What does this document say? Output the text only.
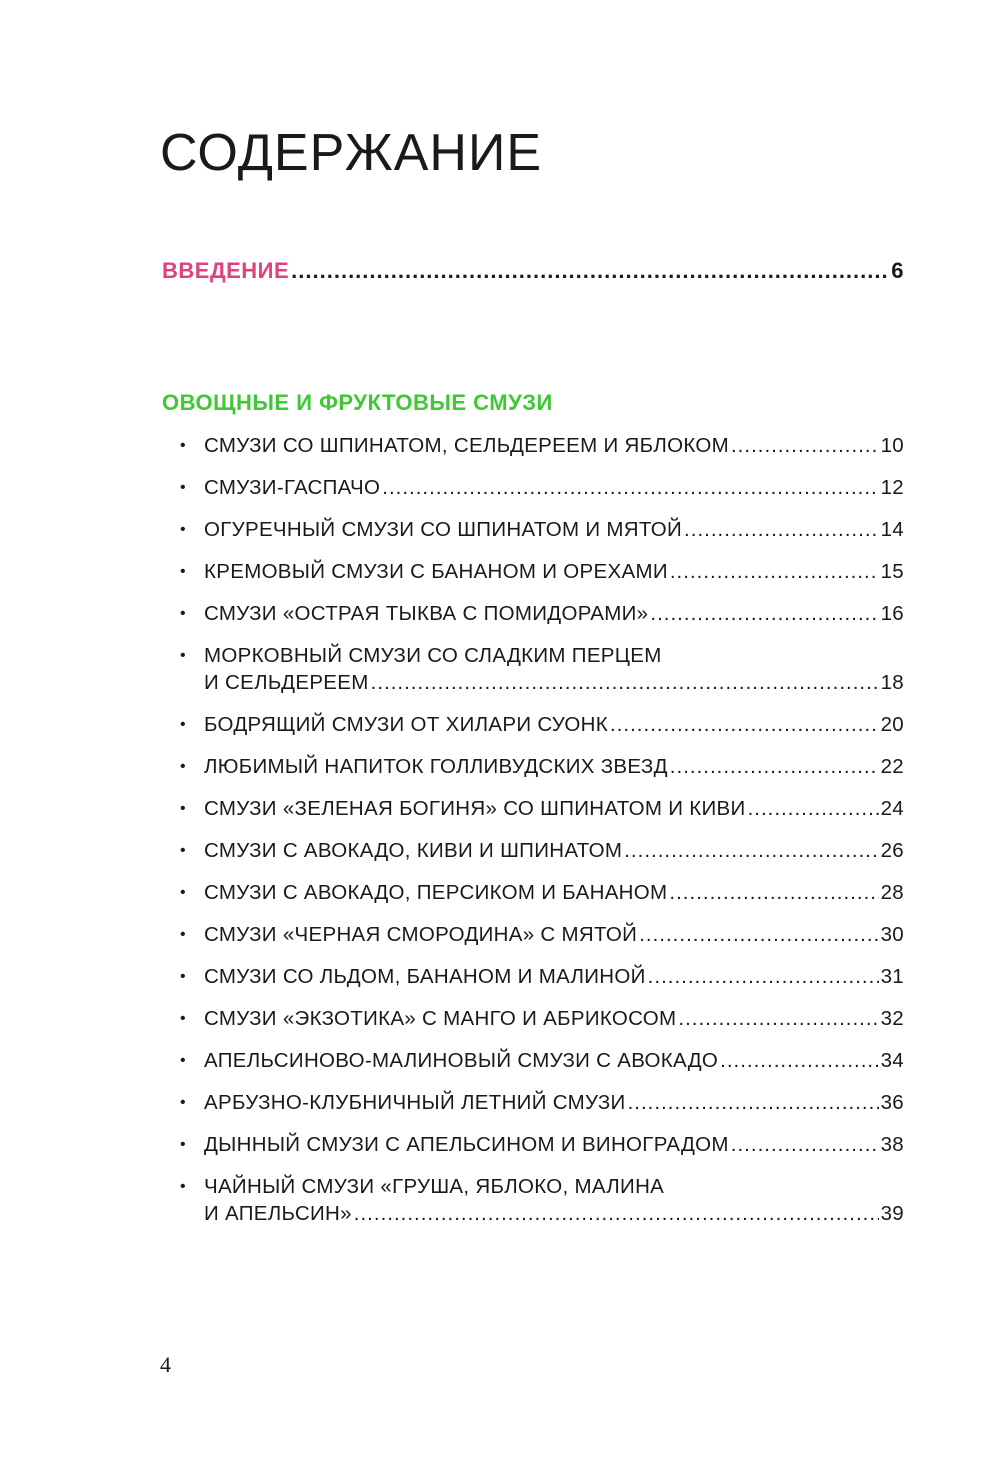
СОДЕРЖАНИЕ
ВВЕДЕНИЕ .....	6
ОВОЩНЫЕ И ФРУКТОВЫЕ СМУЗИ
• СМУЗИ СО ШПИНАТОМ, СЕЛЬДЕРЕЕМ И ЯБЛОКОМ .....	10
• СМУЗИ-ГАСПАЧО .....	12
• ОГУРЕЧНЫЙ СМУЗИ СО ШПИНАТОМ И МЯТОЙ .....	14
• КРЕМОВЫЙ СМУЗИ С БАНАНОМ И ОРЕХАМИ .....	15
• СМУЗИ «ОСТРАЯ ТЫКВА С ПОМИДОРАМИ» .....	16
• МОРКОВНЫЙ СМУЗИ СО СЛАДКИМ ПЕРЦЕМ
И СЕЛЬДЕРЕЕМ .....	18
• БОДРЯЩИЙ СМУЗИ ОТ ХИЛАРИ СУОНК .....	20
• ЛЮБИМЫЙ НАПИТОК ГОЛЛИВУДСКИХ ЗВЕЗД .....	22
• СМУЗИ «ЗЕЛЕНАЯ БОГИНЯ» СО ШПИНАТОМ И КИВИ .....	24
• СМУЗИ С АВОКАДО, КИВИ И ШПИНАТОМ .....	26
• СМУЗИ С АВОКАДО, ПЕРСИКОМ И БАНАНОМ .....	28
• СМУЗИ «ЧЕРНАЯ СМОРОДИНА» С МЯТОЙ .....	30
• СМУЗИ СО ЛЬДОМ, БАНАНОМ И МАЛИНОЙ .....	31
• СМУЗИ «ЭКЗОТИКА» С МАНГО И АБРИКОСОМ .....	32
• АПЕЛЬСИНОВО-МАЛИНОВЫЙ СМУЗИ С АВОКАДО .....	34
• АРБУЗНО-КЛУБНИЧНЫЙ ЛЕТНИЙ СМУЗИ .....	36
• ДЫННЫЙ СМУЗИ С АПЕЛЬСИНОМ И ВИНОГРАДОМ .....	38
• ЧАЙНЫЙ СМУЗИ «ГРУША, ЯБЛОКО, МАЛИНА
И АПЕЛЬСИН» .....	39
4
